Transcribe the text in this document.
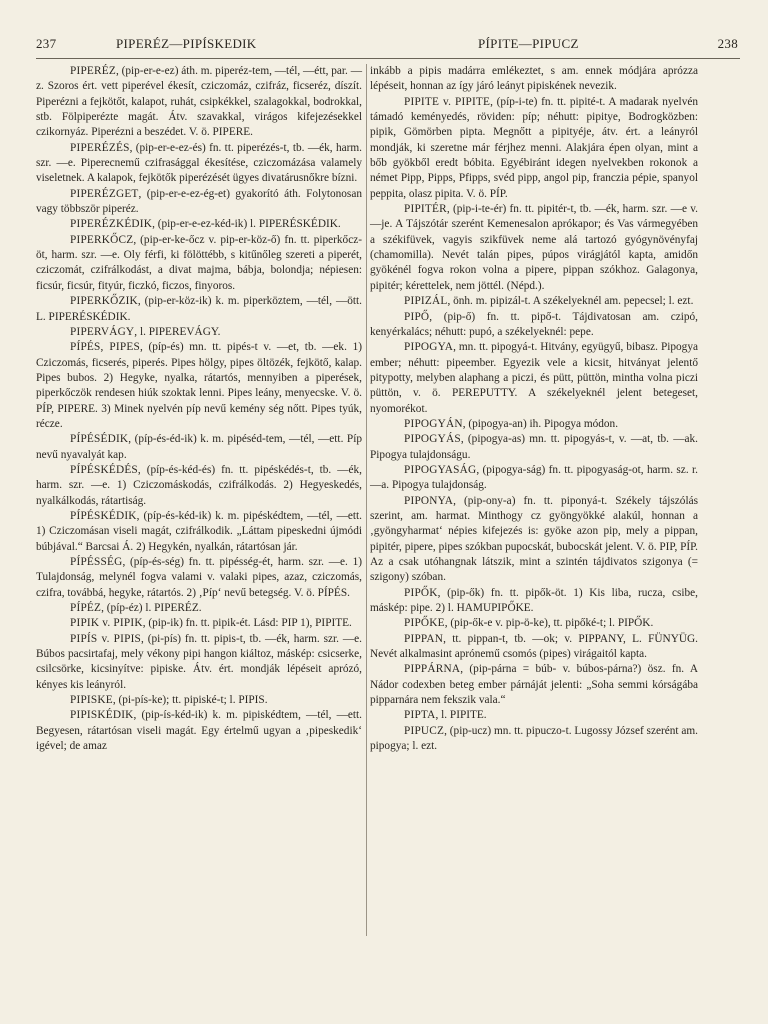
237	PIPERÉZ—PIPÍSKEDIK	PÍPITE—PIPUCZ	238

PIPERÉZ, (pip-er-e-ez) áth. m. piperéz-tem, —tél, —étt, par. —z. Szoros ért. vett piperével ékesít, cziczomáz, czifráz, ficseréz, díszít. Piperézni a fejkötőt, kalapot, ruhát, csipkékkel, szalagokkal, bodrokkal, stb. Fölpiperézte magát. Átv. szavakkal, virágos kifejezésekkel czikornyáz. Piperézni a beszédet. V. ö. PIPERE.

PIPERÉZÉS, (pip-er-e-ez-és) fn. tt. piperézés-t, tb. —ék, harm. szr. —e. Piperecnemű czifrasággal ékesítése, cziczomázása valamely viseletnek. A kalapok, fejkötők piperézését ügyes divatárusnőkre bízni.

PIPERÉZGET, (pip-er-e-ez-ég-et) gyakorító áth. Folytonosan vagy többször piperéz.

PIPERÉZKÉDIK, (pip-er-e-ez-kéd-ik) l. PIPERÉSKÉDIK.

PIPERKŐCZ, (pip-er-ke-őcz v. pip-er-köz-ő) fn. tt. piperkőcz-öt, harm. szr. —e. Oly férfi, ki fölöttébb, s kitűnőleg szereti a piperét, cziczomát, czifrálkodást, a divat majma, bábja, bolondja; népiesen: ficsúr, ficsúr, fityúr, ficzkó, ficzos, finyoros.

PIPERKŐZIK, (pip-er-köz-ik) k. m. piperköztem, —tél, —ött. L. PIPERÉSKÉDIK.

PIPERVÁGY, l. PIPEREVÁGY.

PÍPÉS, PIPES, (píp-és) mn. tt. pipés-t v. —et, tb. —ek. 1) Cziczomás, ficserés, piperés. Pipes hölgy, pipes öltözék, fejkötő, kalap. Pipes bubos. 2) Hegyke, nyalka, rátartós, mennyiben a piperések, piperkőczök rendesen hiúk szoktak lenni. Pipes leány, menyecske. V. ö. PÍP, PIPERE. 3) Minek nyelvén píp nevű kemény ség nőtt. Pipes tyúk, récze.

PÍPÉSÉDIK, (píp-és-éd-ik) k. m. pipéséd-tem, —tél, —ett. Píp nevű nyavalyát kap.

PÍPÉSKÉDÉS, (píp-és-kéd-és) fn. tt. pipéskédés-t, tb. —ék, harm. szr. —e. 1) Cziczomáskodás, czifrálkodás. 2) Hegyeskedés, nyalkálkodás, rátartiság.

PÍPÉSKÉDIK, (píp-és-kéd-ik) k. m. pipéskédtem, —tél, —ett. 1) Cziczomásan viseli magát, czifrálkodik. „Láttam pipeskedni újmódi búbjával.“ Barcsai Á. 2) Hegykén, nyalkán, rátartósan jár.

PÍPÉSSÉG, (píp-és-ség) fn. tt. pipésség-ét, harm. szr. —e. 1) Tulajdonság, melynél fogva valami v. valaki pipes, azaz, cziczomás, czifra, továbbá, hegyke, rátartós. 2) ‚Píp‘ nevű betegség. V. ö. PÍPÉS.

PÍPÉZ, (píp-éz) l. PIPERÉZ.

PIPIK v. PIPIK, (pip-ik) fn. tt. pipik-ét. Lásd: PIP 1), PIPITE.

PIPÍS v. PIPIS, (pi-pís) fn. tt. pipis-t, tb. —ék, harm. szr. —e. Búbos pacsirtafaj, mely vékony pipi hangon kiáltoz, máskép: csicserke, csilcsörke, kicsinyítve: pipiske. Átv. ért. mondják lépéseit aprózó, kényes kis leányról.

PIPISKE, (pi-pís-ke); tt. pipiské-t; l. PIPIS.

PIPISKÉDIK, (pip-ís-kéd-ik) k. m. pipiskédtem, —tél, —ett. Begyesen, rátartósan viseli magát. Egy értelmű ugyan a ‚pipeskedik‘ igével; de amaz

inkább a pipis madárra emlékeztet, s am. ennek módjára aprózza lépéseit, honnan az így járó leányt pipiskének nevezik.

PIPITE v. PIPITE, (píp-i-te) fn. tt. pipité-t. A madarak nyelvén támadó keményedés, röviden: píp; néhutt: pipitye, Bodrogközben: pipik, Gömörben pipta. Megnőtt a pipityéje, átv. ért. a leányról mondják, ki szeretne már férjhez menni. Alakjára épen olyan, mint a bőb gyökből eredt bóbita. Egyébiránt idegen nyelvekben rokonok a német Pipp, Pipps, Pfipps, svéd pipp, angol pip, franczia pépie, spanyol peppita, olasz pipita. V. ö. PÍP.

PIPITÉR, (pip-i-te-ér) fn. tt. pipitér-t, tb. —ék, harm. szr. —e v. —je. A Tájszótár szerént Kemenesalon aprókapor; és Vas vármegyében a székifüvek, vagyis szikfüvek neme alá tartozó gyógynövényfaj (chamomilla). Nevét talán pipes, púpos virágjától kapta, amidőn gyökénél fogva rokon volna a pipere, pippan szókhoz. Galagonya, pipitér; kérettelek, nem jöttél. (Népd.).

PIPIZÁL, önh. m. pipizál-t. A székelyeknél am. pepecsel; l. ezt.

PIPŐ, (pip-ő) fn. tt. pipő-t. Tájdivatosan am. czipó, kenyérkalács; néhutt: pupó, a székelyeknél: pepe.

PIPOGYA, mn. tt. pipogyá-t. Hitvány, együgyű, bibasz. Pipogya ember; néhutt: pipeember. Egyezik vele a kicsit, hitványat jelentő pitypotty, melyben alaphang a piczi, és pütt, püttön, mintha volna piczi püttön, v. ö. PEREPUTTY. A székelyeknél jelent betegeset, nyomorékot.

PIPOGYÁN, (pipogya-an) ih. Pipogya módon.

PIPOGYÁS, (pipogya-as) mn. tt. pipogyás-t, v. —at, tb. —ak. Pipogya tulajdonságu.

PIPOGYASÁG, (pipogya-ság) fn. tt. pipogyaság-ot, harm. sz. r. —a. Pipogya tulajdonság.

PIPONYA, (pip-ony-a) fn. tt. piponyá-t. Székely tájszólás szerint, am. harmat. Minthogy cz gyöngyökké alakúl, honnan a ‚gyöngyharmat‘ népies kifejezés is: gyöke azon pip, mely a pippan, pipitér, pipere, pipes szókban pupocskát, bubocskát jelent. V. ö. PIP, PÍP. Az a csak utóhangnak látszik, mint a szintén tájdivatos szigonya (= szigony) szóban.

PIPŐK, (pip-ők) fn. tt. pipők-öt. 1) Kis liba, rucza, csibe, máskép: pipe. 2) l. HAMUPIPŐKE.

PIPŐKE, (pip-ők-e v. pip-ö-ke), tt. pipőké-t; l. PIPŐK.

PIPPAN, tt. pippan-t, tb. —ok; v. PIPPANY, L. FÜNYÜG. Nevét alkalmasint aprónemű csomós (pipes) virágaitól kapta.

PIPPÁRNA, (pip-párna = búb- v. búbos-párna?) ösz. fn. A Nádor codexben beteg ember párnáját jelenti: „Soha semmi kórságába pipparnára nem fekszik vala.“

PIPTA, l. PIPITE.

PIPUCZ, (pip-ucz) mn. tt. pipuczo-t. Lugossy József szerént am. pipogya; l. ezt.
